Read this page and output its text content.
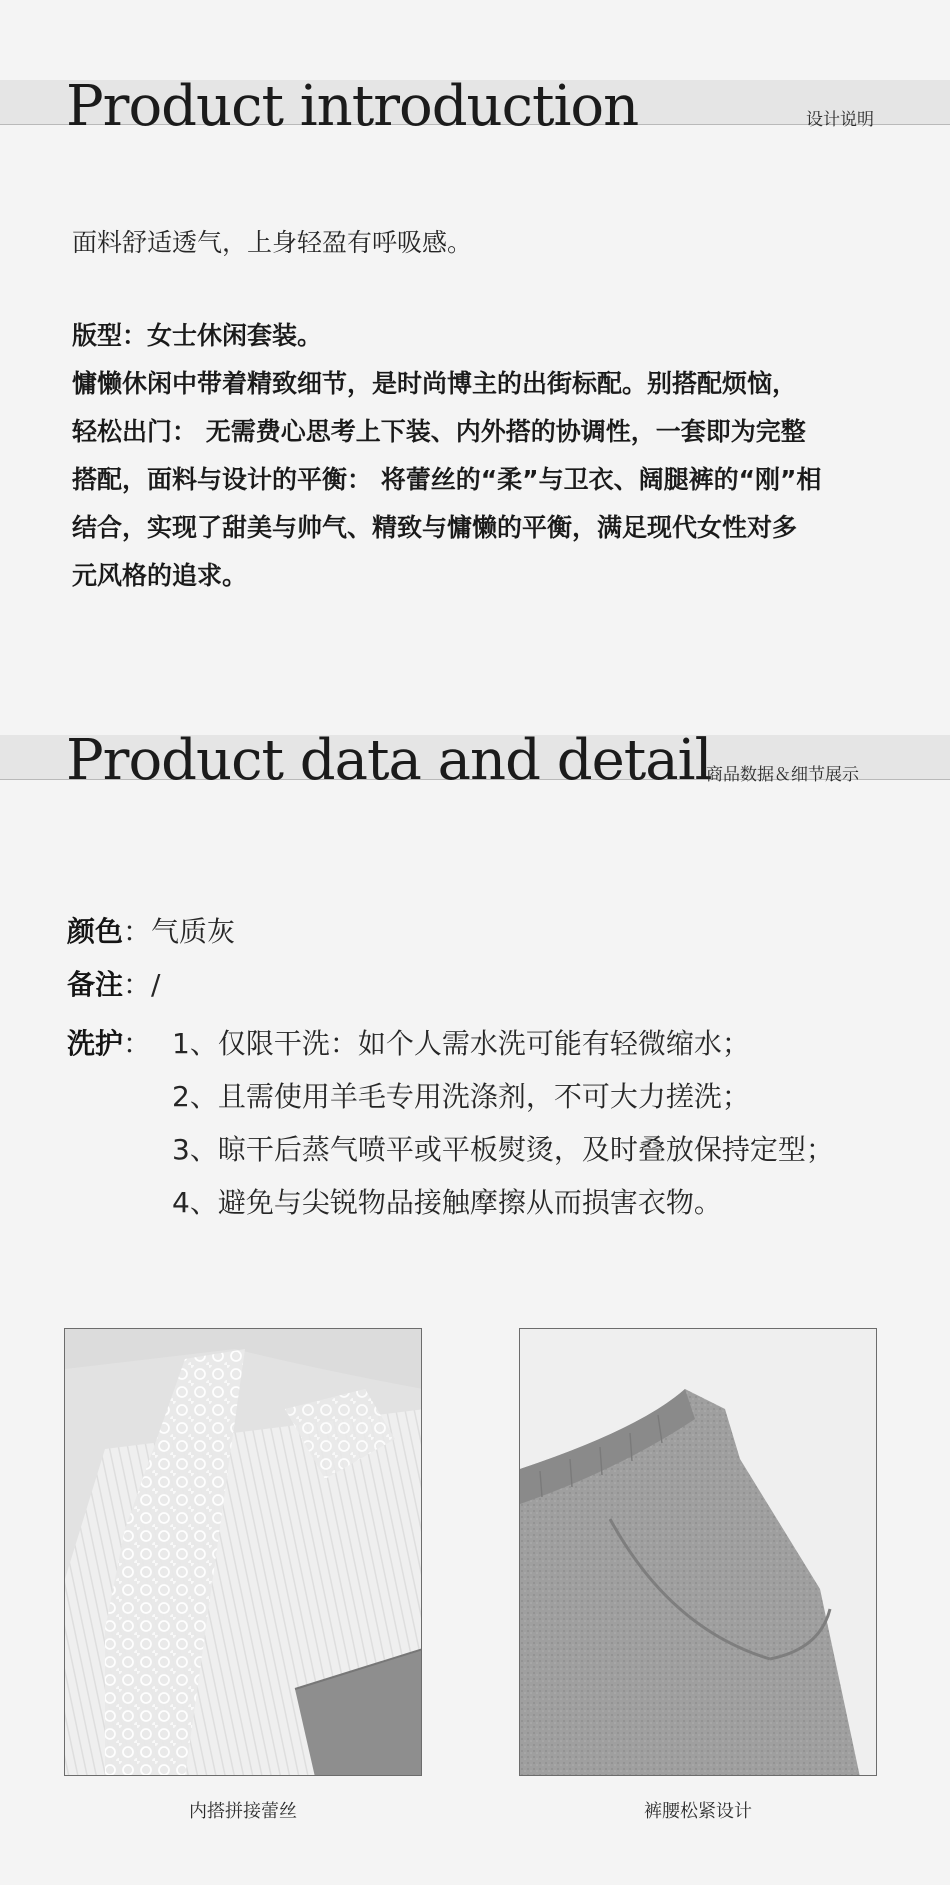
Product introduction	设计说明
面料舒适透气，上身轻盈有呼吸感。
版型：女士休闲套装。
慵懒休闲中带着精致细节，是时尚博主的出街标配。别搭配烦恼，
轻松出门： 无需费心思考上下装、内外搭的协调性，一套即为完整
搭配，面料与设计的平衡： 将蕾丝的“柔”与卫衣、阔腿裤的“刚”相
结合，实现了甜美与帅气、精致与慵懒的平衡，满足现代女性对多
元风格的追求。
Product data and detail
商品数据＆细节展示
颜色：气质灰
备注：/
洗护： 1、仅限干洗：如个人需水洗可能有轻微缩水；
2、且需使用羊毛专用洗涤剂，不可大力搓洗；
3、晾干后蒸气喷平或平板熨烫，及时叠放保持定型；
4、避免与尖锐物品接触摩擦从而损害衣物。
内搭拼接蕾丝	裤腰松紧设计
